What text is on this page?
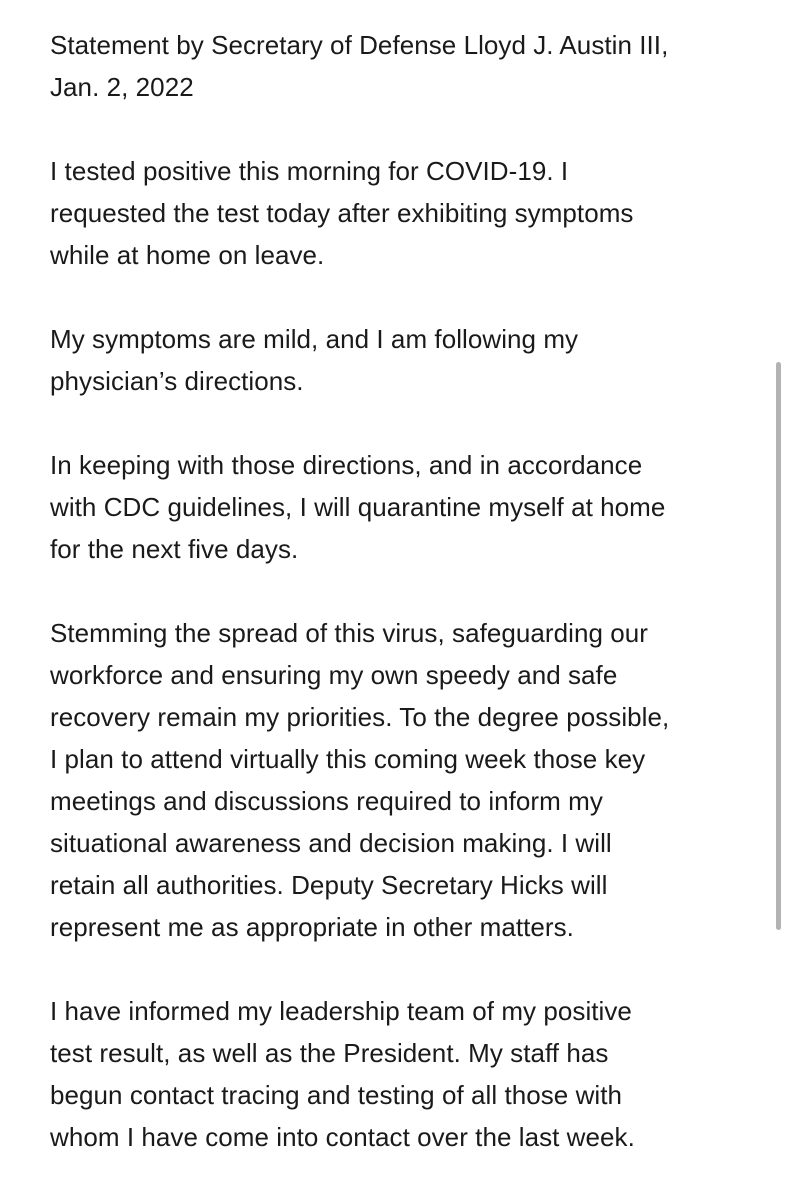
Statement by Secretary of Defense Lloyd J. Austin III,
Jan. 2, 2022

I tested positive this morning for COVID-19. I
requested the test today after exhibiting symptoms
while at home on leave.

My symptoms are mild, and I am following my
physician’s directions.

In keeping with those directions, and in accordance
with CDC guidelines, I will quarantine myself at home
for the next five days.

Stemming the spread of this virus, safeguarding our
workforce and ensuring my own speedy and safe
recovery remain my priorities. To the degree possible,
I plan to attend virtually this coming week those key
meetings and discussions required to inform my
situational awareness and decision making. I will
retain all authorities. Deputy Secretary Hicks will
represent me as appropriate in other matters.

I have informed my leadership team of my positive
test result, as well as the President. My staff has
begun contact tracing and testing of all those with
whom I have come into contact over the last week.
